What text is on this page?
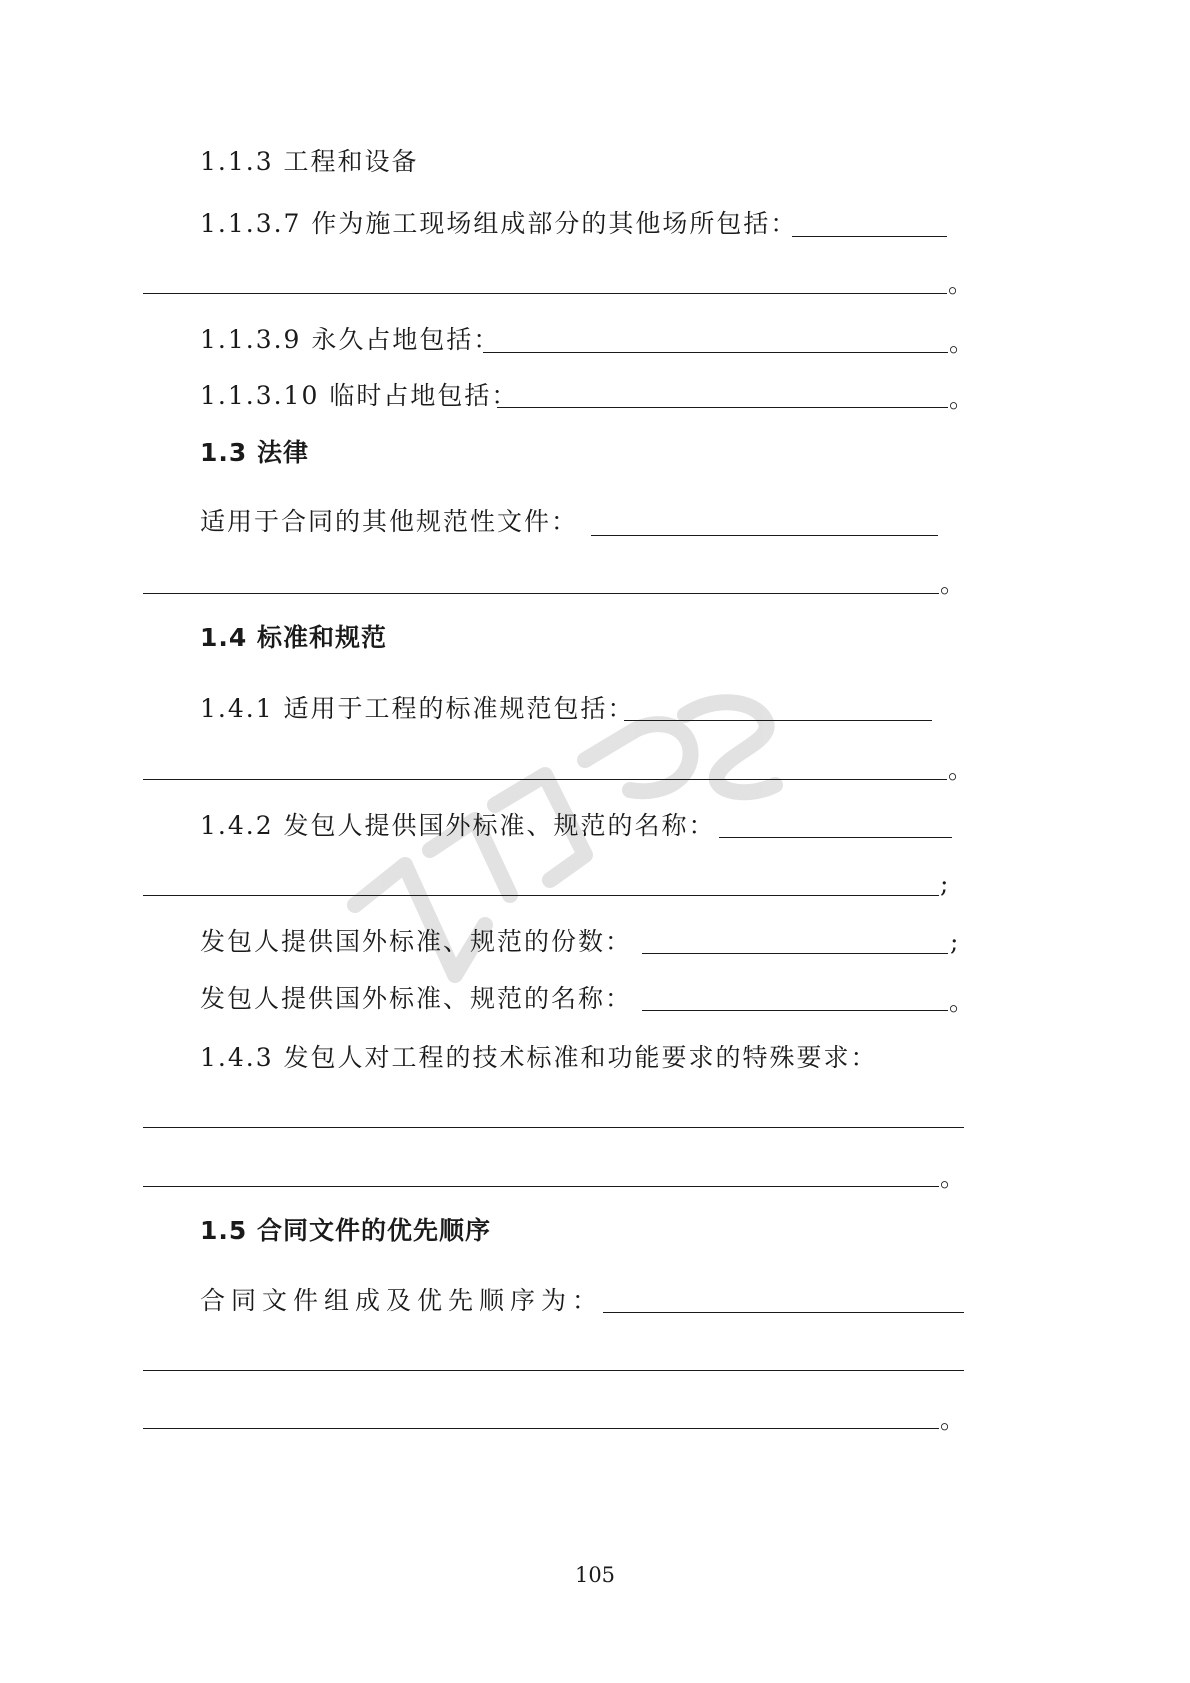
1.1.3 工程和设备
1.1.3.7 作为施工现场组成部分的其他场所包括：
。
1.1.3.9 永久占地包括：	。
1.1.3.10 临时占地包括：	。
1.3 法律
适用于合同的其他规范性文件：
。
1.4 标准和规范
1.4.1 适用于工程的标准规范包括：
。
1.4.2 发包人提供国外标准、规范的名称：
;
发包人提供国外标准、规范的份数：	;
发包人提供国外标准、规范的名称：	。
1.4.3 发包人对工程的技术标准和功能要求的特殊要求：
。
1.5 合同文件的优先顺序
合同文件组成及优先顺序为：
。
105
